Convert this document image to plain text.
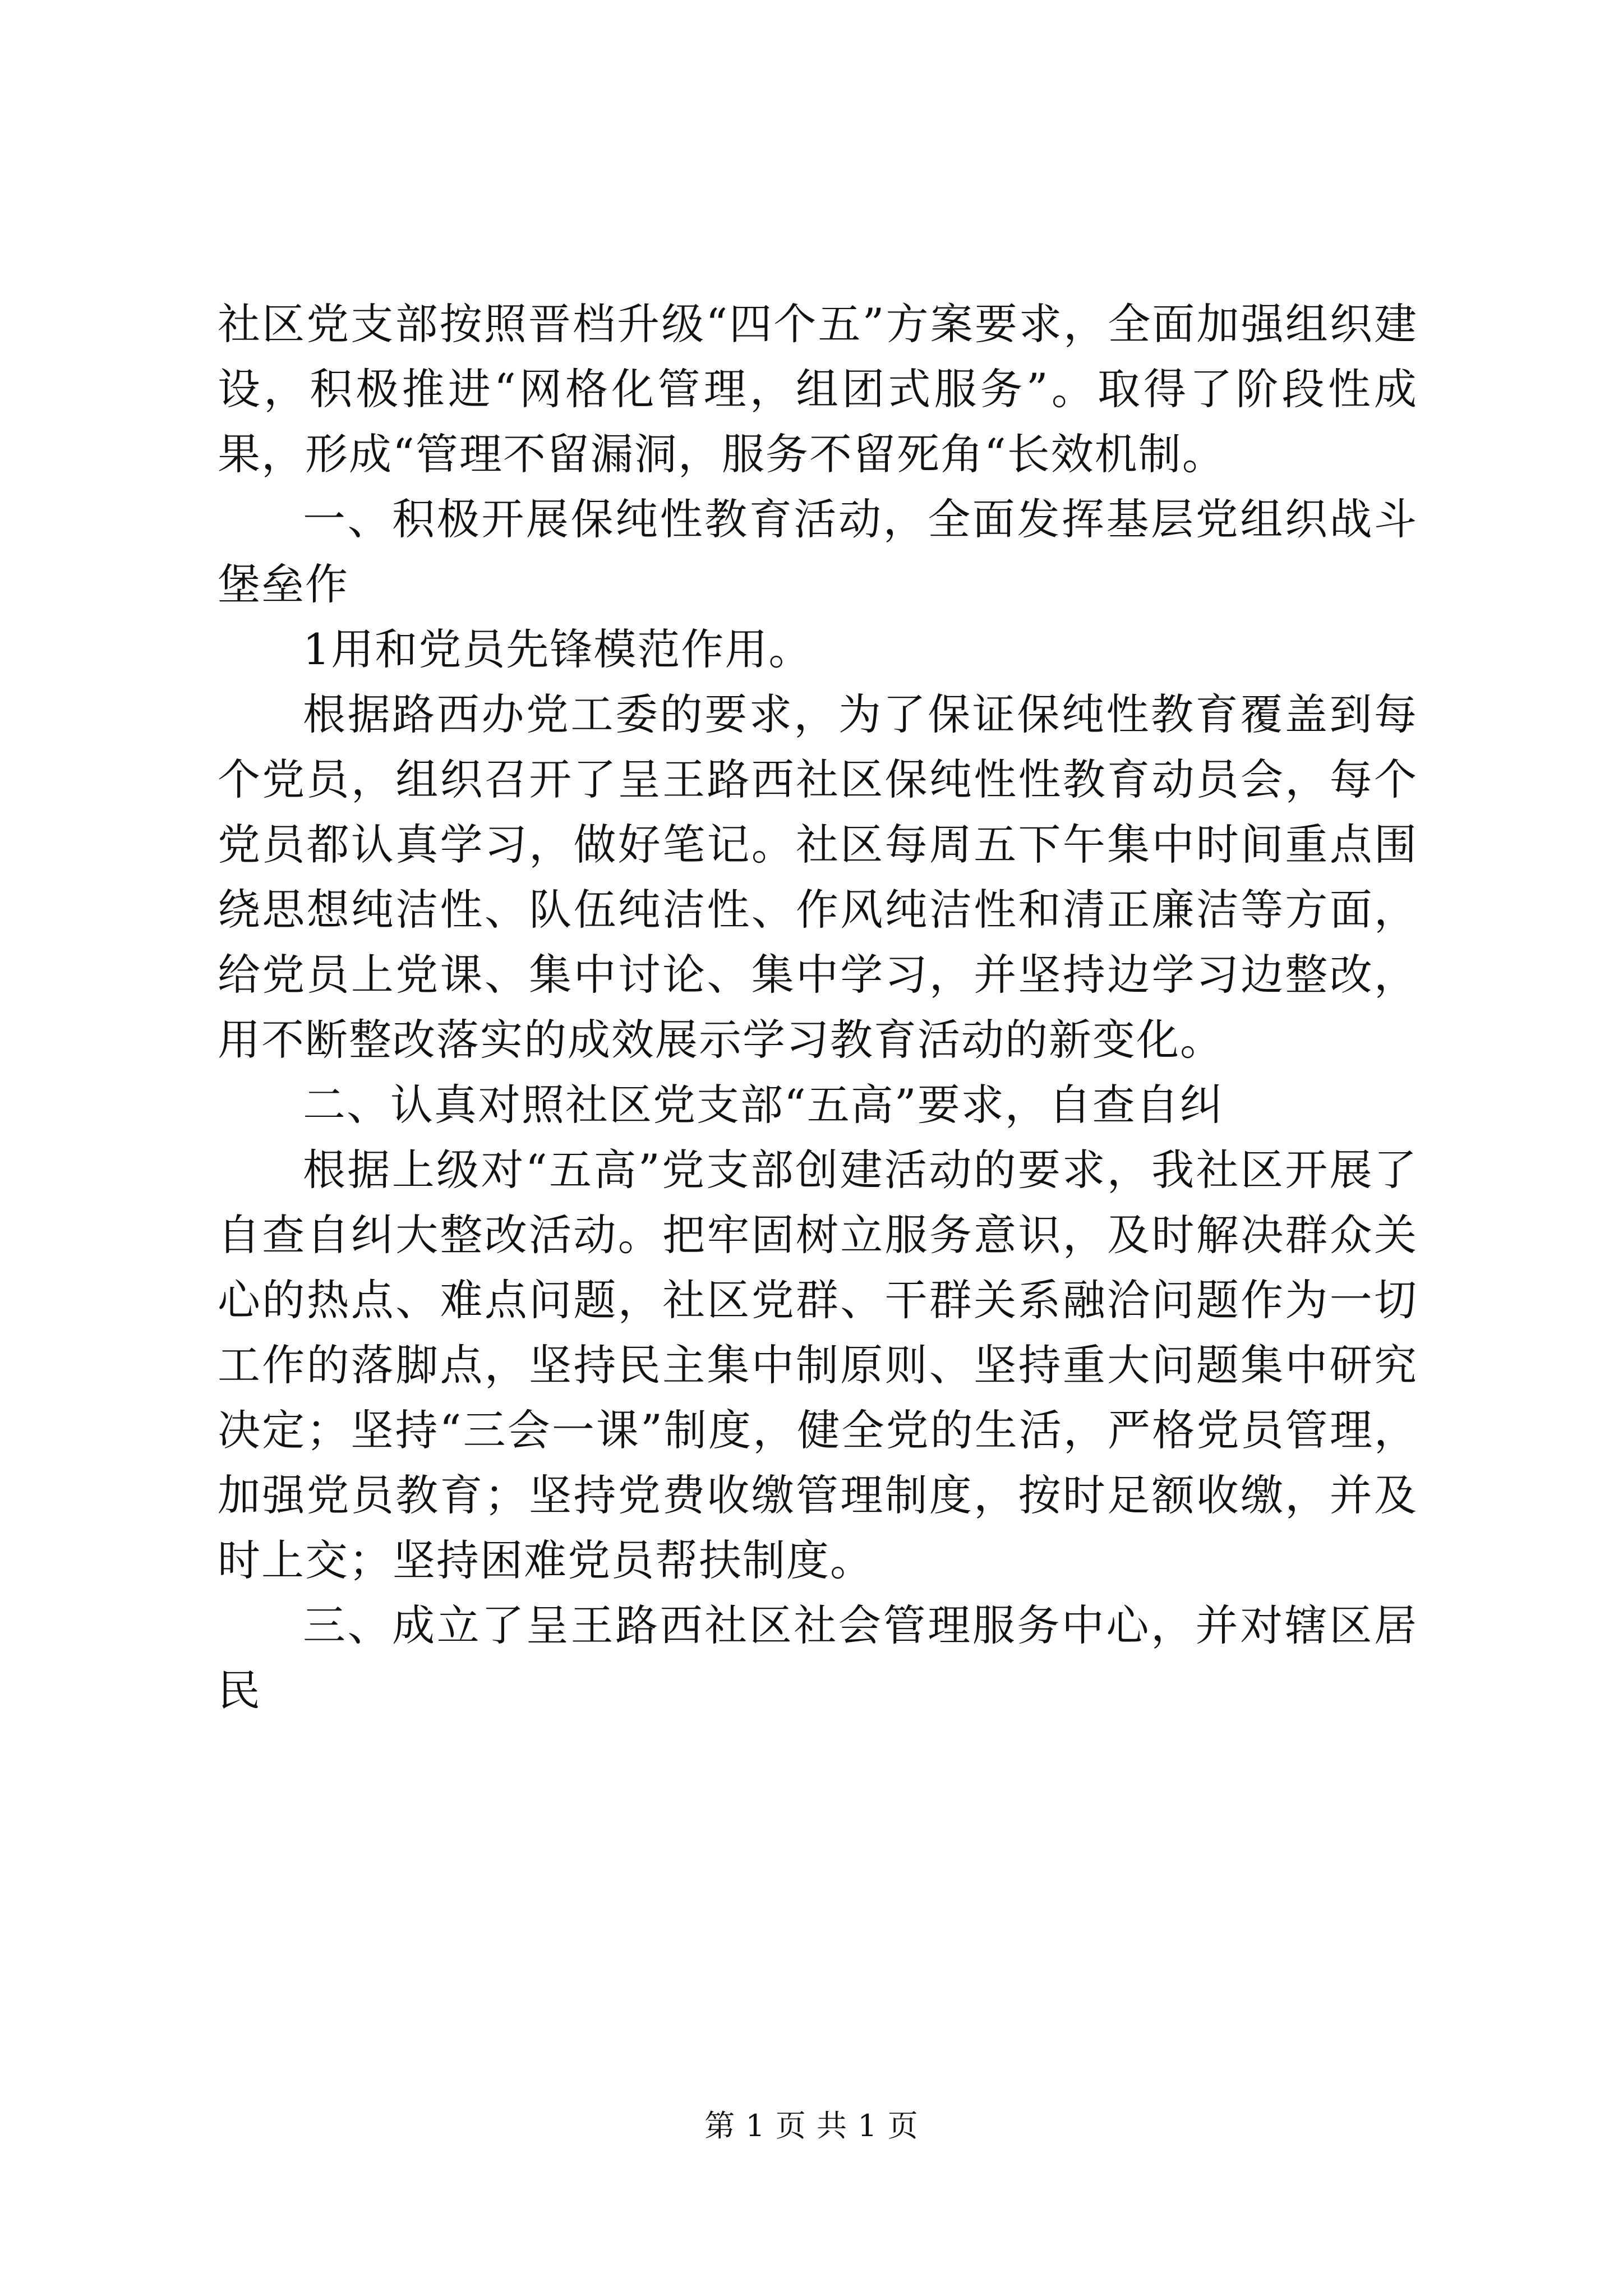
社区党支部按照晋档升级“四个五”方案要求，全面加强组织建设，积极推进“网格化管理，组团式服务”。取得了阶段性成果，形成“管理不留漏洞，服务不留死角“长效机制。

一、积极开展保纯性教育活动，全面发挥基层党组织战斗堡垒作

1用和党员先锋模范作用。

根据路西办党工委的要求，为了保证保纯性教育覆盖到每个党员，组织召开了呈王路西社区保纯性性教育动员会，每个党员都认真学习，做好笔记。社区每周五下午集中时间重点围绕思想纯洁性、队伍纯洁性、作风纯洁性和清正廉洁等方面，给党员上党课、集中讨论、集中学习，并坚持边学习边整改，用不断整改落实的成效展示学习教育活动的新变化。

二、认真对照社区党支部“五高”要求，自查自纠

根据上级对“五高”党支部创建活动的要求，我社区开展了自查自纠大整改活动。把牢固树立服务意识，及时解决群众关心的热点、难点问题，社区党群、干群关系融洽问题作为一切工作的落脚点，坚持民主集中制原则、坚持重大问题集中研究决定；坚持“三会一课”制度，健全党的生活，严格党员管理，加强党员教育；坚持党费收缴管理制度，按时足额收缴，并及时上交；坚持困难党员帮扶制度。

三、成立了呈王路西社区社会管理服务中心，并对辖区居民

第 1 页 共 1 页
